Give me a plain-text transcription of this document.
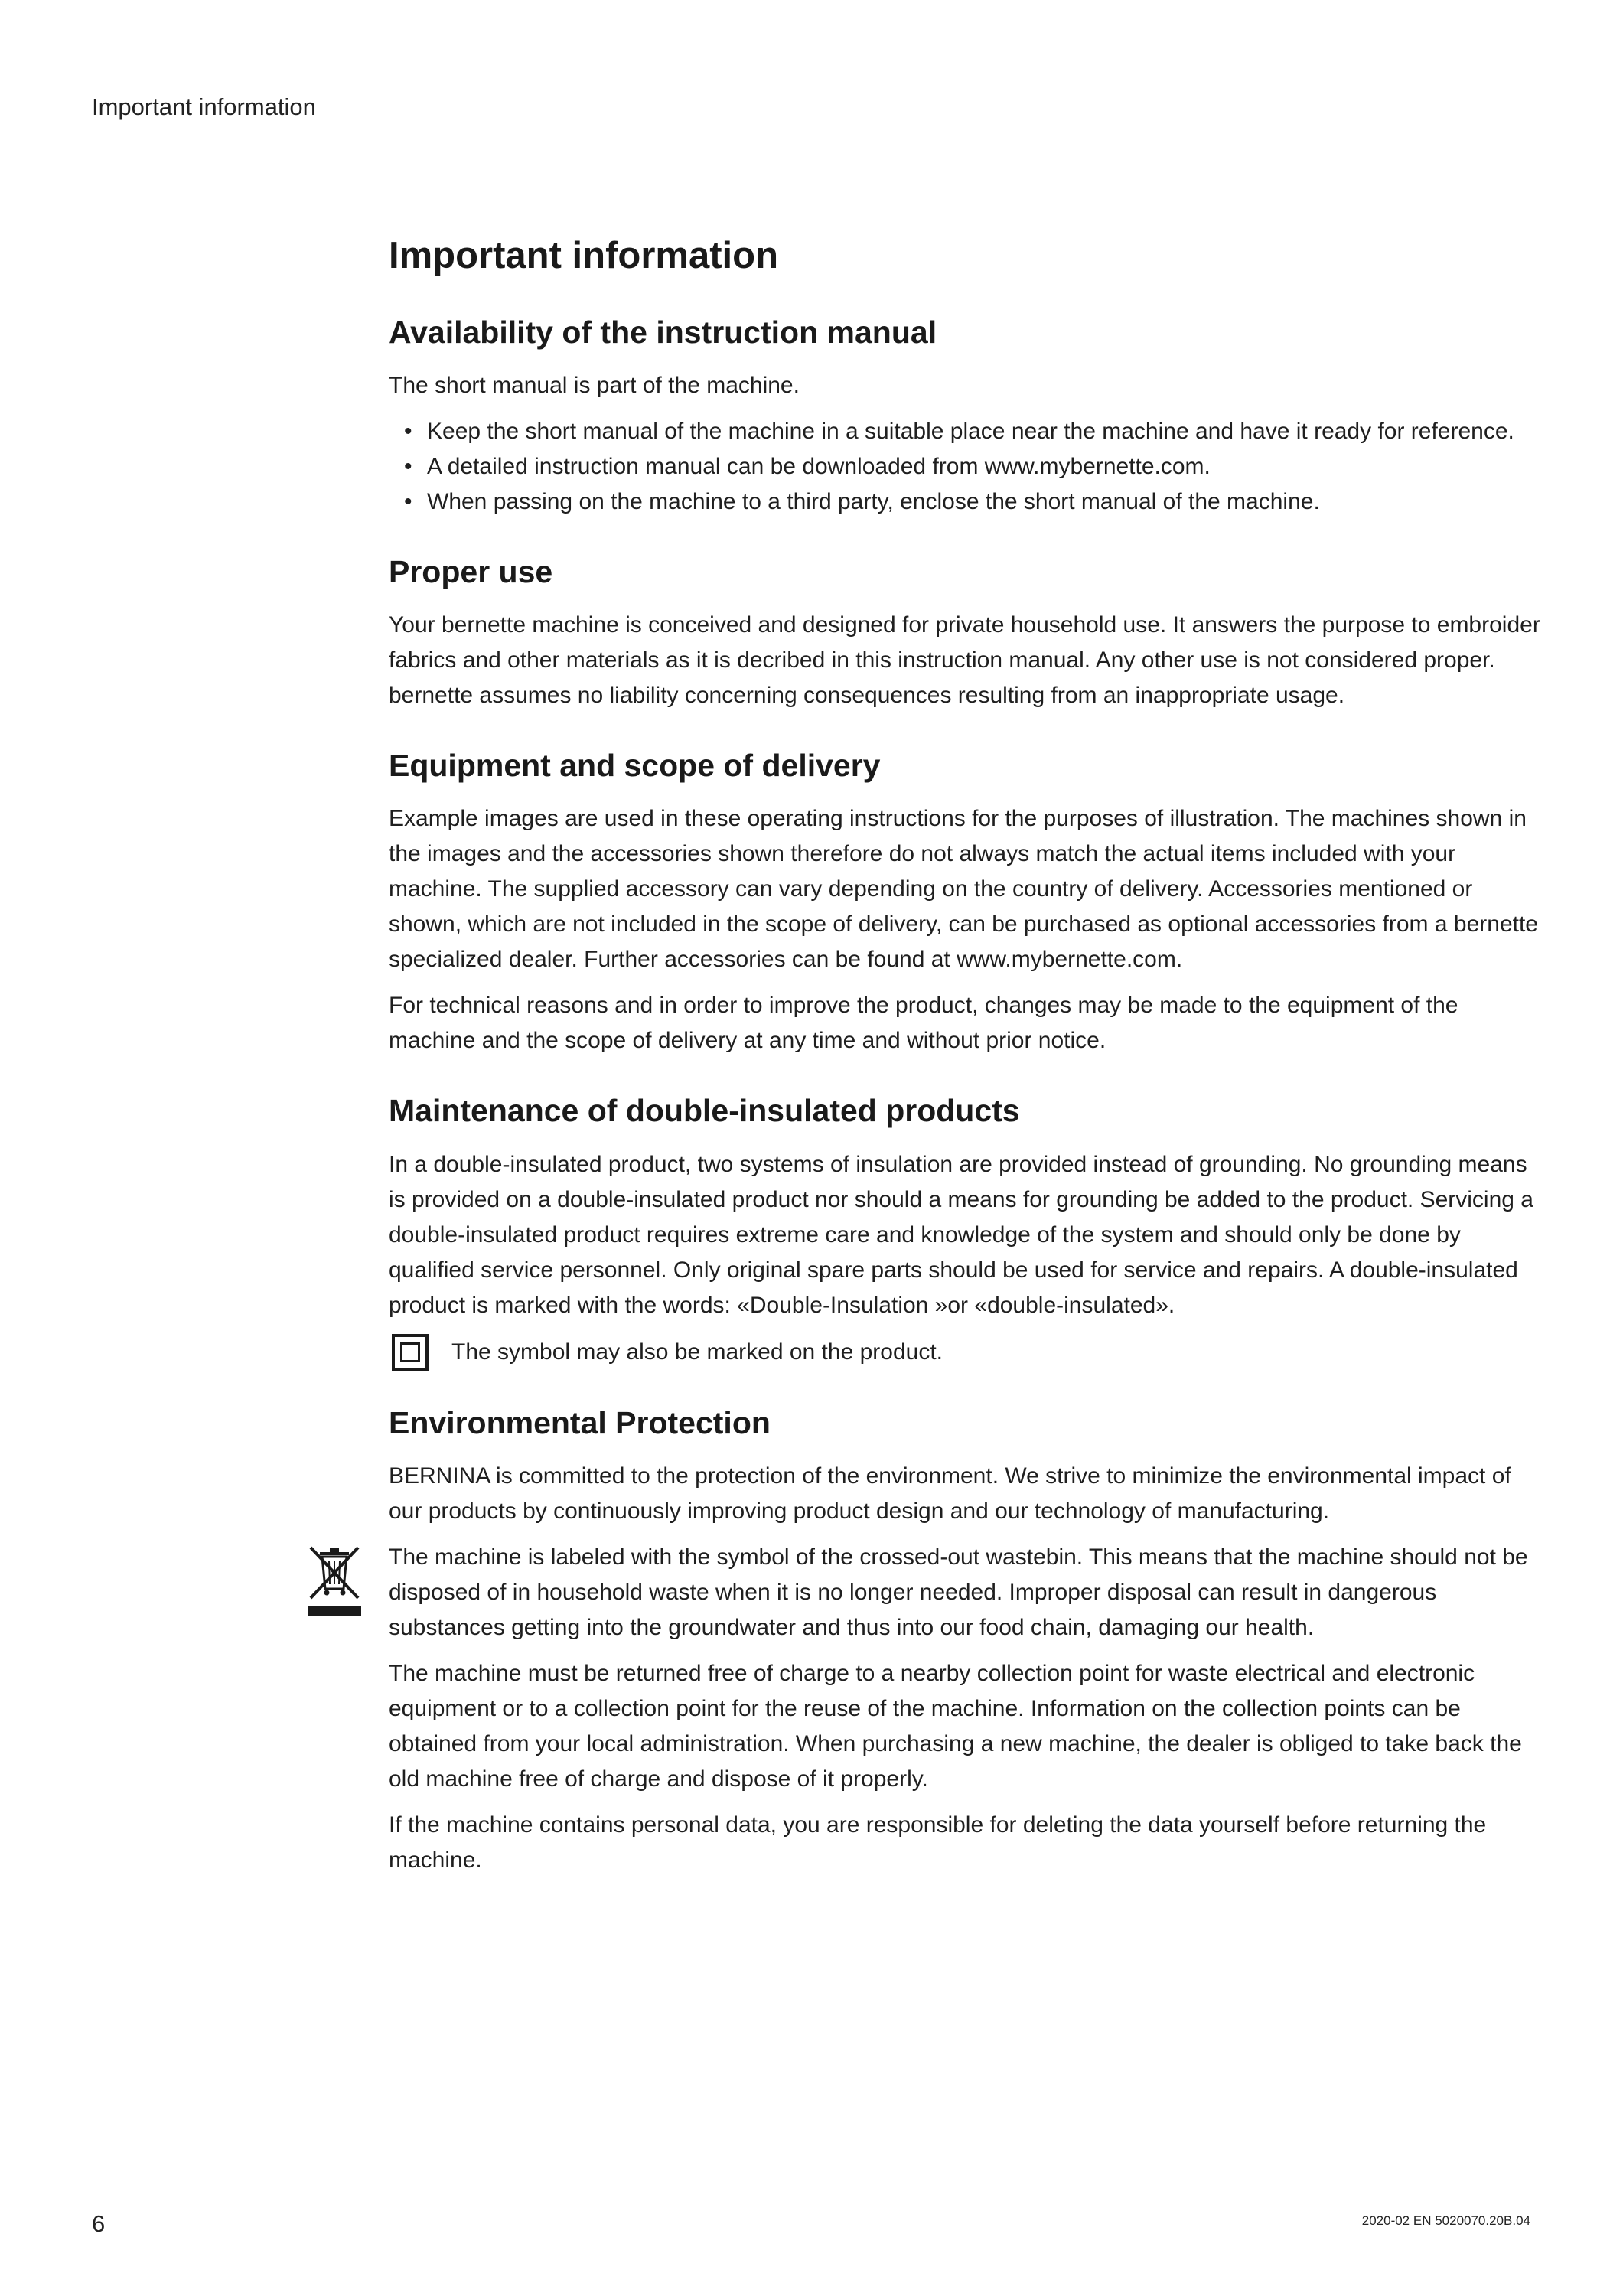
Important information
Important information
Availability of the instruction manual

The short manual is part of the machine.

• Keep the short manual of the machine in a suitable place near the machine and have it ready for reference.
• A detailed instruction manual can be downloaded from www.mybernette.com.
• When passing on the machine to a third party, enclose the short manual of the machine.
Proper use

Your bernette machine is conceived and designed for private household use. It answers the purpose to embroider fabrics and other materials as it is decribed in this instruction manual. Any other use is not considered proper. bernette assumes no liability concerning consequences resulting from an inappropriate usage.

Equipment and scope of delivery

Example images are used in these operating instructions for the purposes of illustration. The machines shown in the images and the accessories shown therefore do not always match the actual items included with your machine. The supplied accessory can vary depending on the country of delivery. Accessories mentioned or shown, which are not included in the scope of delivery, can be purchased as optional accessories from a bernette specialized dealer. Further accessories can be found at www.mybernette.com.

For technical reasons and in order to improve the product, changes may be made to the equipment of the machine and the scope of delivery at any time and without prior notice.

Maintenance of double-insulated products

In a double-insulated product, two systems of insulation are provided instead of grounding. No grounding means is provided on a double-insulated product nor should a means for grounding be added to the product. Servicing a double-insulated product requires extreme care and knowledge of the system and should only be done by qualified service personnel. Only original spare parts should be used for service and repairs. A double-insulated product is marked with the words: «Double-Insulation »or «double-insulated».

The symbol may also be marked on the product.

Environmental Protection

BERNINA is committed to the protection of the environment. We strive to minimize the environmental impact of our products by continuously improving product design and our technology of manufacturing.

The machine is labeled with the symbol of the crossed-out wastebin. This means that the machine should not be disposed of in household waste when it is no longer needed. Improper disposal can result in dangerous substances getting into the groundwater and thus into our food chain, damaging our health.

The machine must be returned free of charge to a nearby collection point for waste electrical and electronic equipment or to a collection point for the reuse of the machine. Information on the collection points can be obtained from your local administration. When purchasing a new machine, the dealer is obliged to take back the old machine free of charge and dispose of it properly.

If the machine contains personal data, you are responsible for deleting the data yourself before returning the machine.

6	2020-02 EN 5020070.20B.04
